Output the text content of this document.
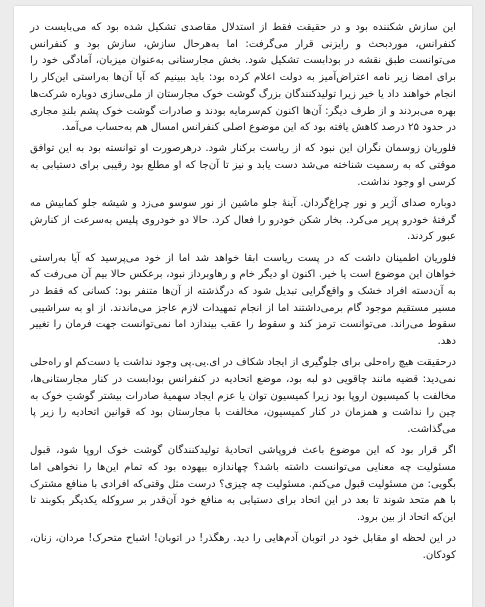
این سازش شکننده بود و در حقیقت فقط از استدلال مقاصدی تشکیل شده بود که می‌بایست در کنفرانس، موردبحث و رایزنی قرار می‌گرفت: اما به‌هرحال سازش، سازش بود و کنفرانس می‌توانست طبق نقشه در بودابست تشکیل شود. بخش مجارستانی به‌عنوان میزبان، آمادگی خود را برای امضا زیر نامه اعتراض‌آمیز به دولت اعلام کرده بود: باید ببینیم که آیا آن‌ها به‌راستی این‌کار را انجام خواهند داد یا خیر زیرا تولیدکنندگان بزرگ گوشت خوک مجارستان از ملی‌سازی دوباره شرکت‌ها بهره می‌بردند و از طرف دیگر: آن‌ها اکنون کم‌سرمایه بودند و صادرات گوشت خوک پشم بلندِ مجاری در حدود ۲۵ درصد کاهش یافته بود که این موضوع اصلی کنفرانس امسال هم به‌حساب می‌آمد.

فلوریان زوسمان نگران این نبود که از ریاست برکنار شود. درهرصورت او توانسته بود به این توافق موقتی که به رسمیت شناخته می‌شد دست یابد و نیز تا آن‌جا که او مطلع بود رقیبی برای دستیابی به کرسی او وجود نداشت.

دوباره صدای آژیر و نور چراغ‌گردان. آینهٔ جلو ماشین از نور سوسو می‌زد و شیشه جلو کمابیش مه گرفتهٔ خودرو پرپر می‌کرد. بخار شکن خودرو را فعال کرد. حالا دو خودروی پلیس به‌سرعت از کنارش عبور کردند.

فلوریان اطمینان داشت که در پست ریاست ابقا خواهد شد اما از خود می‌پرسید که آیا به‌راستی خواهان این موضوع است یا خیر. اکنون او دیگر خام و رهاوبرداز نبود، برعکس حالا بیم آن می‌رفت که به آن‌دسته افراد خشک و واقع‌گرایی تبدیل شود که درگذشته از آن‌ها متنفر بود: کسانی که فقط در مسیر مستقیم موجود گام برمی‌داشتند اما از انجام تمهیدات لازم عاجز می‌ماندند. از او به سراشیبی سقوط می‌راند. می‌توانست ترمز کند و سقوط را عقب بیندازد اما نمی‌توانست جهت فرمان را تغییر دهد.

درحقیقت هیچ راه‌حلی برای جلوگیری از ایجاد شکاف در ای.یی.پی وجود نداشت یا دست‌کم او راه‌حلی نمی‌دید: قضیه مانند چاقویی دو لبه بود، موضع اتحادیه در کنفرانس بودابست در کنار مجارستانی‌ها، مخالفت با کمیسیون اروپا بود زیرا کمیسیون توان یا عزم ایجاد سهمیهٔ صادرات بیشتر گوشتِ خوک به چین را نداشت و همزمان در کنار کمیسیون، مخالفت با مجارستان بود که قوانین اتحادیه را زیر پا می‌گذاشت.

اگر قرار بود که این موضوع باعث فروپاشی اتحادیهٔ تولیدکنندگان گوشت خوک اروپا شود، قبول مسئولیت چه معنایی می‌توانست داشته باشد؟ چهاندازه بیهوده بود که تمام این‌ها را نخواهی اما بگویی: من مسئولیت قبول می‌کنم. مسئولیت چه چیزی؟ درست مثل وقتی‌که افرادی با منافع مشترک با هم متحد شوند تا بعد در این اتحاد برای دستیابی به منافع خود آن‌قدر بر سروکله یکدیگر بکوبند تا این‌که اتحاد از بین برود.

در این لحظه او مقابل خود در اتوبان آدم‌هایی را دید. رهگذر! در اتوبان! اشباح متحرک! مردان، زنان، کودکان.
